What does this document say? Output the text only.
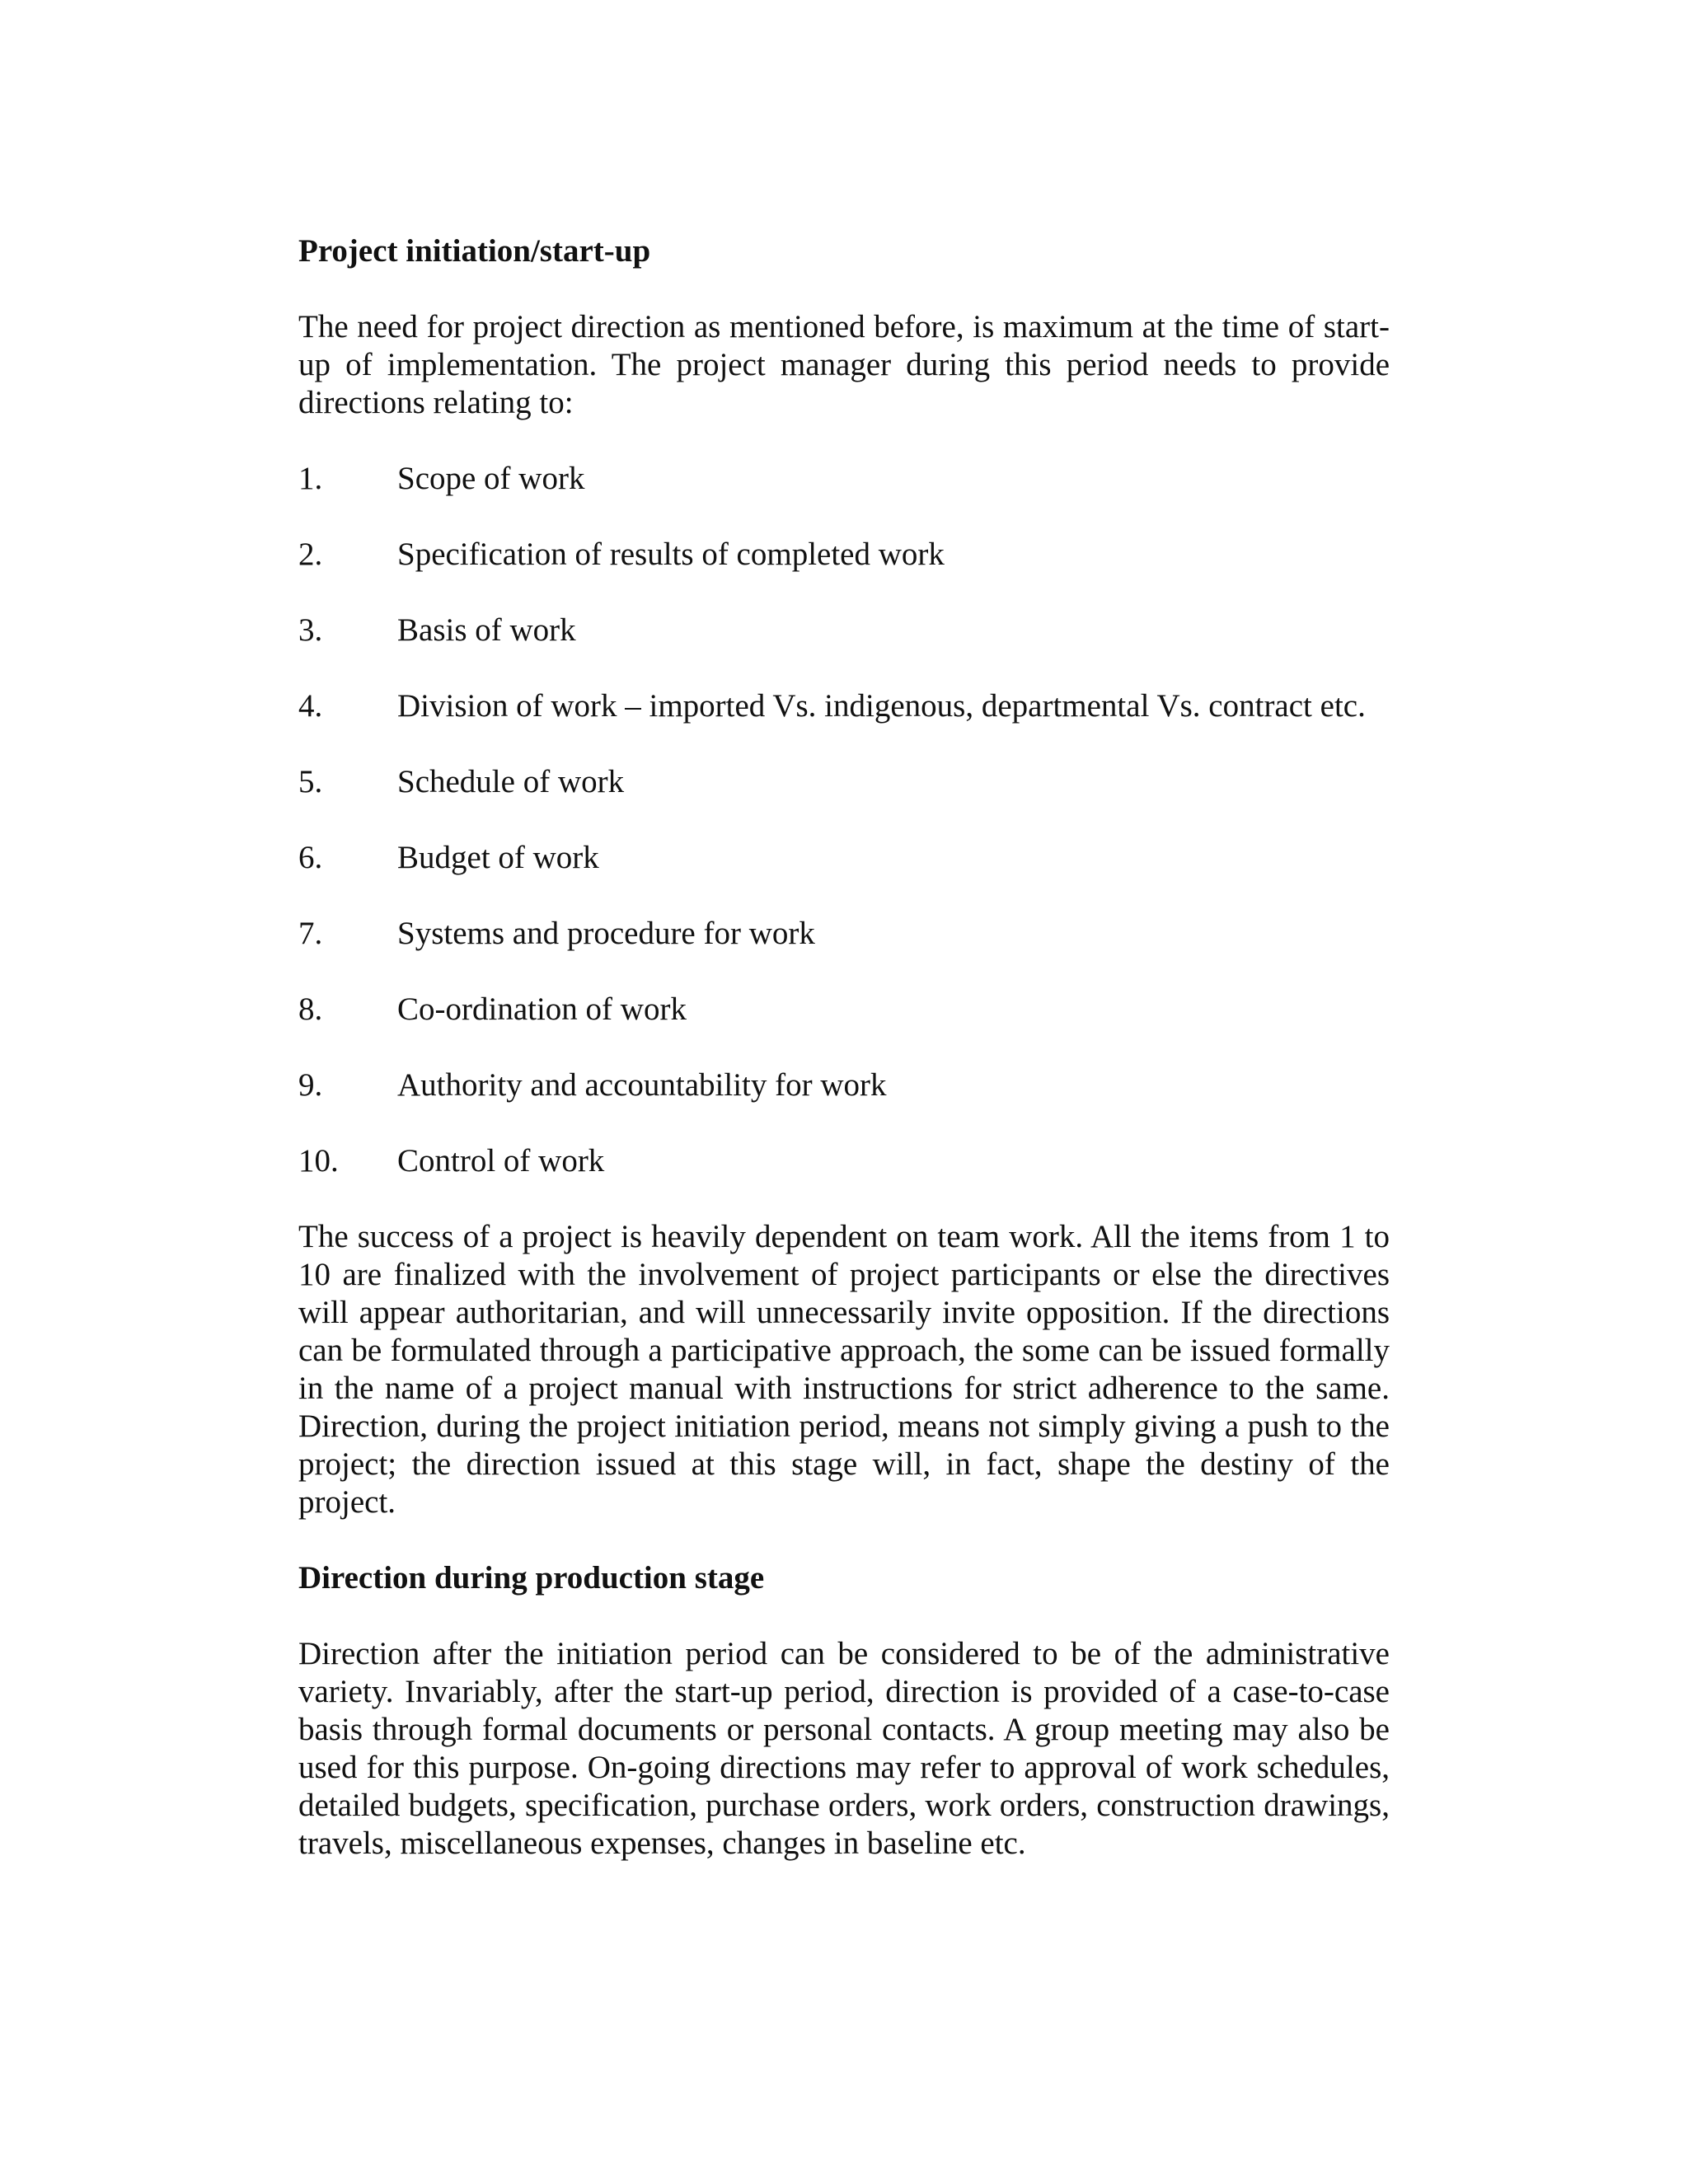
Project initiation/start-up
The need for project direction as mentioned before, is maximum at the time of start-up of implementation. The project manager during this period needs to provide directions relating to:
1.	Scope of work
2.	Specification of results of completed work
3.	Basis of work
4.	Division of work – imported Vs. indigenous, departmental Vs. contract etc.
5.	Schedule of work
6.	Budget of work
7.	Systems and procedure for work
8.	Co-ordination of work
9.	Authority and accountability for work
10.	Control of work
The success of a project is heavily dependent on team work. All the items from 1 to 10 are finalized with the involvement of project participants or else the directives will appear authoritarian, and will unnecessarily invite opposition. If the directions can be formulated through a participative approach, the some can be issued formally in the name of a project manual with instructions for strict adherence to the same. Direction, during the project initiation period, means not simply giving a push to the project; the direction issued at this stage will, in fact, shape the destiny of the project.
Direction during production stage
Direction after the initiation period can be considered to be of the administrative variety. Invariably, after the start-up period, direction is provided of a case-to-case basis through formal documents or personal contacts. A group meeting may also be used for this purpose. On-going directions may refer to approval of work schedules, detailed budgets, specification, purchase orders, work orders, construction drawings, travels, miscellaneous expenses, changes in baseline etc.
